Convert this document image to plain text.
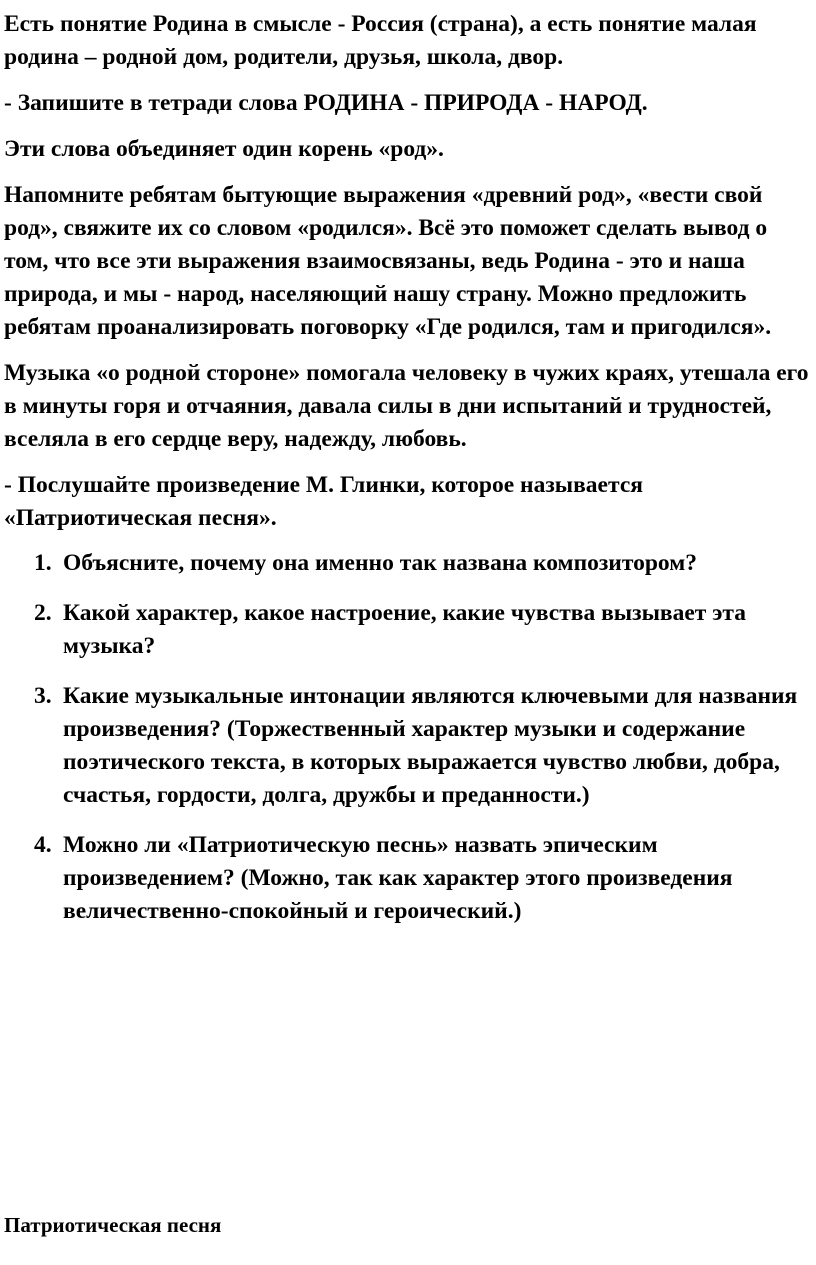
Есть понятие Родина в смысле - Россия (страна), а есть понятие малая родина – родной дом, родители, друзья, школа, двор.

- Запишите в тетради слова РОДИНА - ПРИРОДА - НАРОД.

Эти слова объединяет один корень «род».

Напомните ребятам бытующие выражения «древний род», «вести свой род», свяжите их со словом «родился». Всё это поможет сделать вывод о том, что все эти выражения взаимосвязаны, ведь Родина - это и наша природа, и мы - народ, населяющий нашу страну. Можно предложить ребятам проанализировать поговорку «Где родился, там и пригодился».

Музыка «о родной стороне» помогала человеку в чужих краях, утешала его в минуты горя и отчаяния, давала силы в дни испытаний и трудностей, вселяла в его сердце веру, надежду, любовь.

- Послушайте произведение М. Глинки, которое называется «Патриотическая песня».

1. Объясните, почему она именно так названа композитором?
2. Какой характер, какое настроение, какие чувства вызывает эта музыка?
3. Какие музыкальные интонации являются ключевыми для названия произведения? (Торжественный характер музыки и содержание поэтического текста, в которых выражается чувство любви, добра, счастья, гордости, долга, дружбы и преданности.)
4. Можно ли «Патриотическую песнь» назвать эпическим произведением? (Можно, так как характер этого произведения величественно-спокойный и героический.)
Патриотическая песня
